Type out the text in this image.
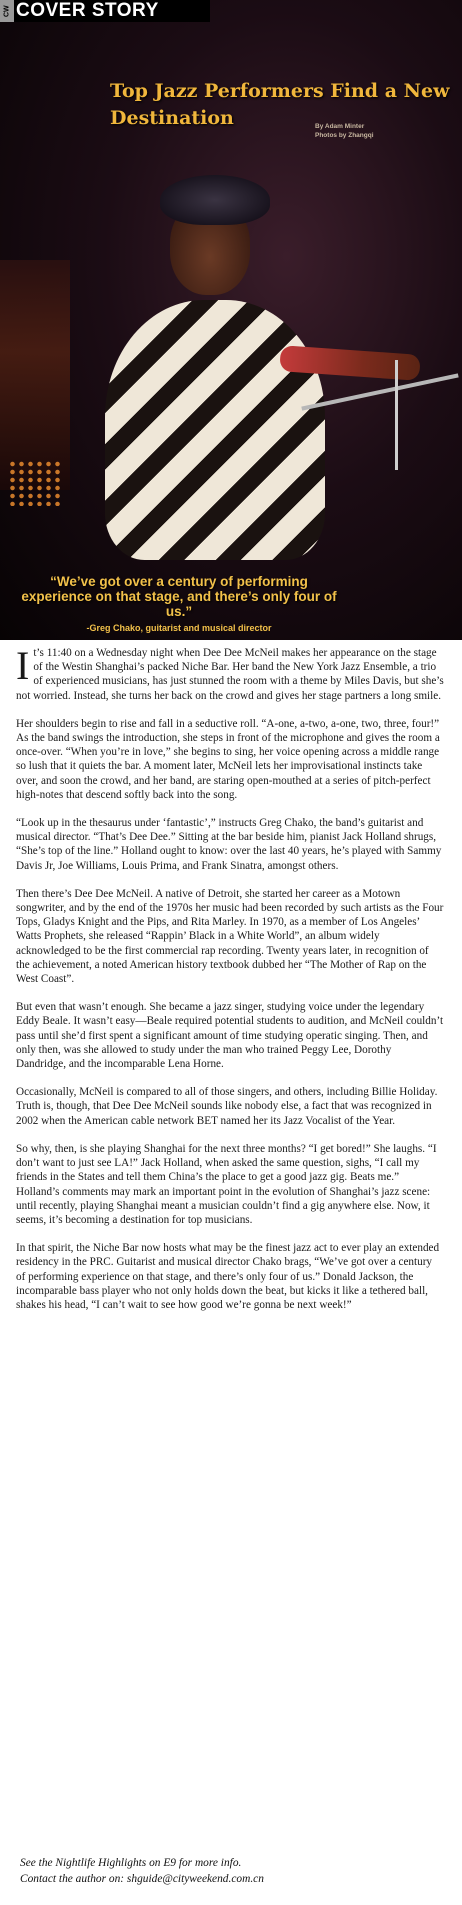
CW COVER STORY
Top Jazz Performers Find a New Destination	By Adam Minter
Photos by Zhangqi
“We’ve got over a century of performing experience on that stage, and there’s only four of us.”
-Greg Chako, guitarist and musical director

It’s 11:40 on a Wednesday night when Dee Dee McNeil makes her appearance on the stage of the Westin Shanghai’s packed Niche Bar. Her band the New York Jazz Ensemble, a trio of experienced musicians, has just stunned the room with a theme by Miles Davis, but she’s not worried. Instead, she turns her back on the crowd and gives her stage partners a long smile.

Her shoulders begin to rise and fall in a seductive roll. “A-one, a-two, a-one, two, three, four!” As the band swings the introduction, she steps in front of the microphone and gives the room a once-over. “When you’re in love,” she begins to sing, her voice opening across a middle range so lush that it quiets the bar. A moment later, McNeil lets her improvisational instincts take over, and soon the crowd, and her band, are staring open-mouthed at a series of pitch-perfect high-notes that descend softly back into the song.

“Look up in the thesaurus under ‘fantastic’,” instructs Greg Chako, the band’s guitarist and musical director. “That’s Dee Dee.” Sitting at the bar beside him, pianist Jack Holland shrugs, “She’s top of the line.” Holland ought to know: over the last 40 years, he’s played with Sammy Davis Jr, Joe Williams, Louis Prima, and Frank Sinatra, amongst others.

Then there’s Dee Dee McNeil. A native of Detroit, she started her career as a Motown songwriter, and by the end of the 1970s her music had been recorded by such artists as the Four Tops, Gladys Knight and the Pips, and Rita Marley. In 1970, as a member of Los Angeles’ Watts Prophets, she released “Rappin’ Black in a White World”, an album widely acknowledged to be the first commercial rap recording. Twenty years later, in recognition of the achievement, a noted American history textbook dubbed her “The Mother of Rap on the West Coast”.

But even that wasn’t enough. She became a jazz singer, studying voice under the legendary Eddy Beale. It wasn’t easy—Beale required potential students to audition, and McNeil couldn’t pass until she’d first spent a significant amount of time studying operatic singing. Then, and only then, was she allowed to study under the man who trained Peggy Lee, Dorothy Dandridge, and the incomparable Lena Horne.

Occasionally, McNeil is compared to all of those singers, and others, including Billie Holiday. Truth is, though, that Dee Dee McNeil sounds like nobody else, a fact that was recognized in 2002 when the American cable network BET named her its Jazz Vocalist of the Year.

So why, then, is she playing Shanghai for the next three months? “I get bored!” She laughs. “I don’t want to just see LA!” Jack Holland, when asked the same question, sighs, “I call my friends in the States and tell them China’s the place to get a good jazz gig. Beats me.” Holland’s comments may mark an important point in the evolution of Shanghai’s jazz scene: until recently, playing Shanghai meant a musician couldn’t find a gig anywhere else. Now, it seems, it’s becoming a destination for top musicians.

In that spirit, the Niche Bar now hosts what may be the finest jazz act to ever play an extended residency in the PRC. Guitarist and musical director Chako brags, “We’ve got over a century of performing experience on that stage, and there’s only four of us.” Donald Jackson, the incomparable bass player who not only holds down the beat, but kicks it like a tethered ball, shakes his head, “I can’t wait to see how good we’re gonna be next week!”

See the Nightlife Highlights on E9 for more info.
Contact the author on: shguide@cityweekend.com.cn
